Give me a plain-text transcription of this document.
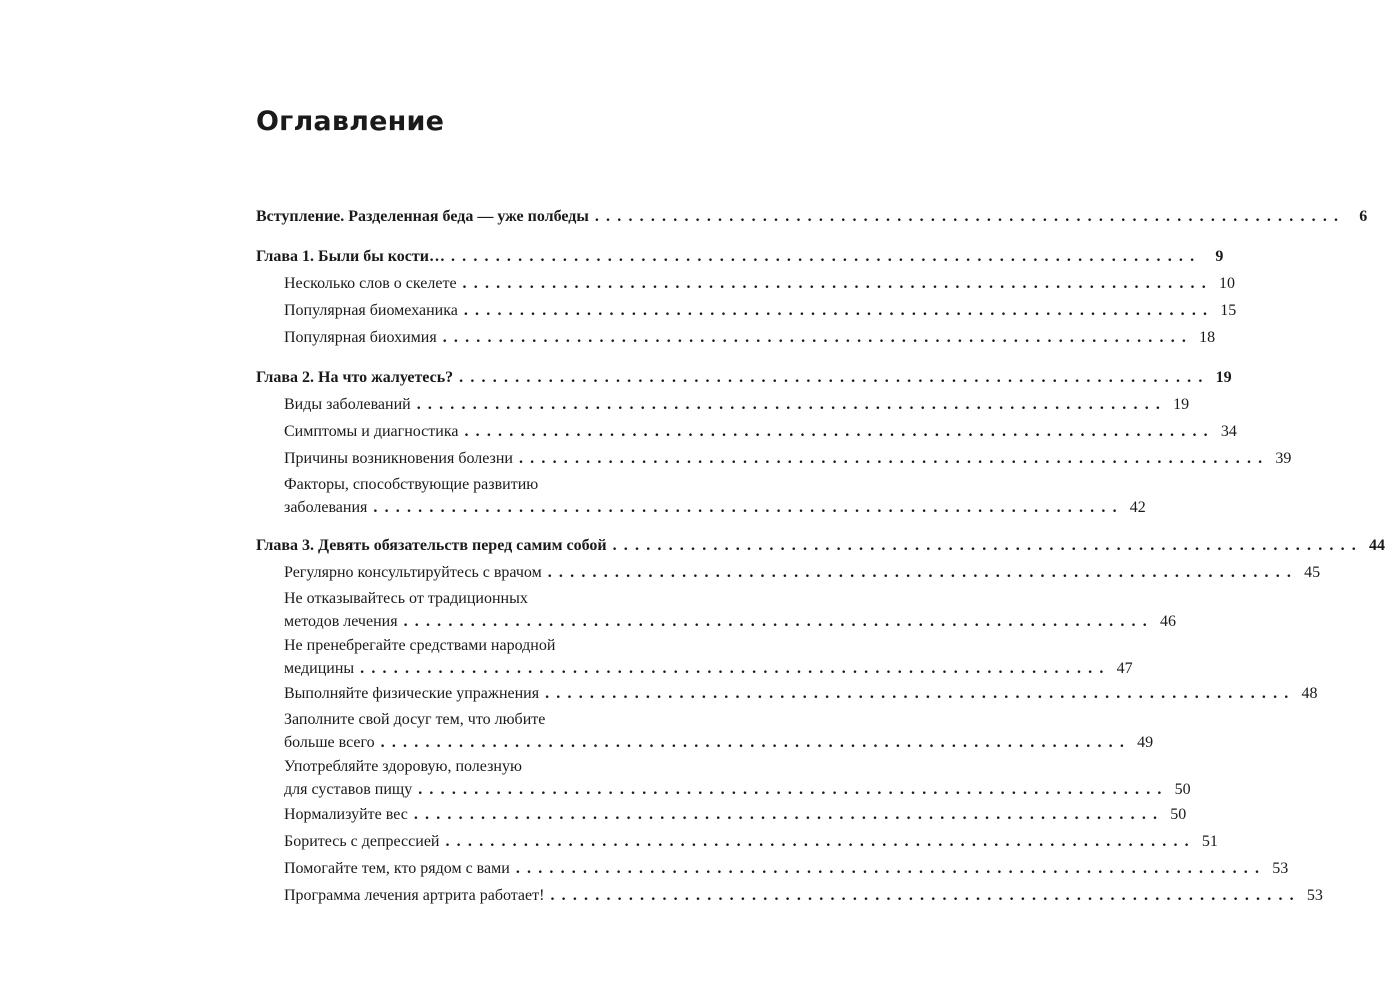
Оглавление
Вступление. Разделенная беда — уже полбеды ................................................................... 6
Глава 1. Были бы кости… ................................................................... 9
Несколько слов о скелете ................................................................... 10
Популярная биомеханика ................................................................... 15
Популярная биохимия ................................................................... 18
Глава 2. На что жалуетесь? ................................................................... 19
Виды заболеваний ................................................................... 19
Симптомы и диагностика ................................................................... 34
Причины возникновения болезни ................................................................... 39
Факторы, способствующие развитию
заболевания ................................................................... 42
Глава 3. Девять обязательств перед самим собой ................................................................... 44
Регулярно консультируйтесь с врачом ................................................................... 45
Не отказывайтесь от традиционных
методов лечения ................................................................... 46
Не пренебрегайте средствами народной
медицины ................................................................... 47
Выполняйте физические упражнения ................................................................... 48
Заполните свой досуг тем, что любите
больше всего ................................................................... 49
Употребляйте здоровую, полезную
для суставов пищу ................................................................... 50
Нормализуйте вес ................................................................... 50
Боритесь с депрессией ................................................................... 51
Помогайте тем, кто рядом с вами ................................................................... 53
Программа лечения артрита работает! ................................................................... 53
